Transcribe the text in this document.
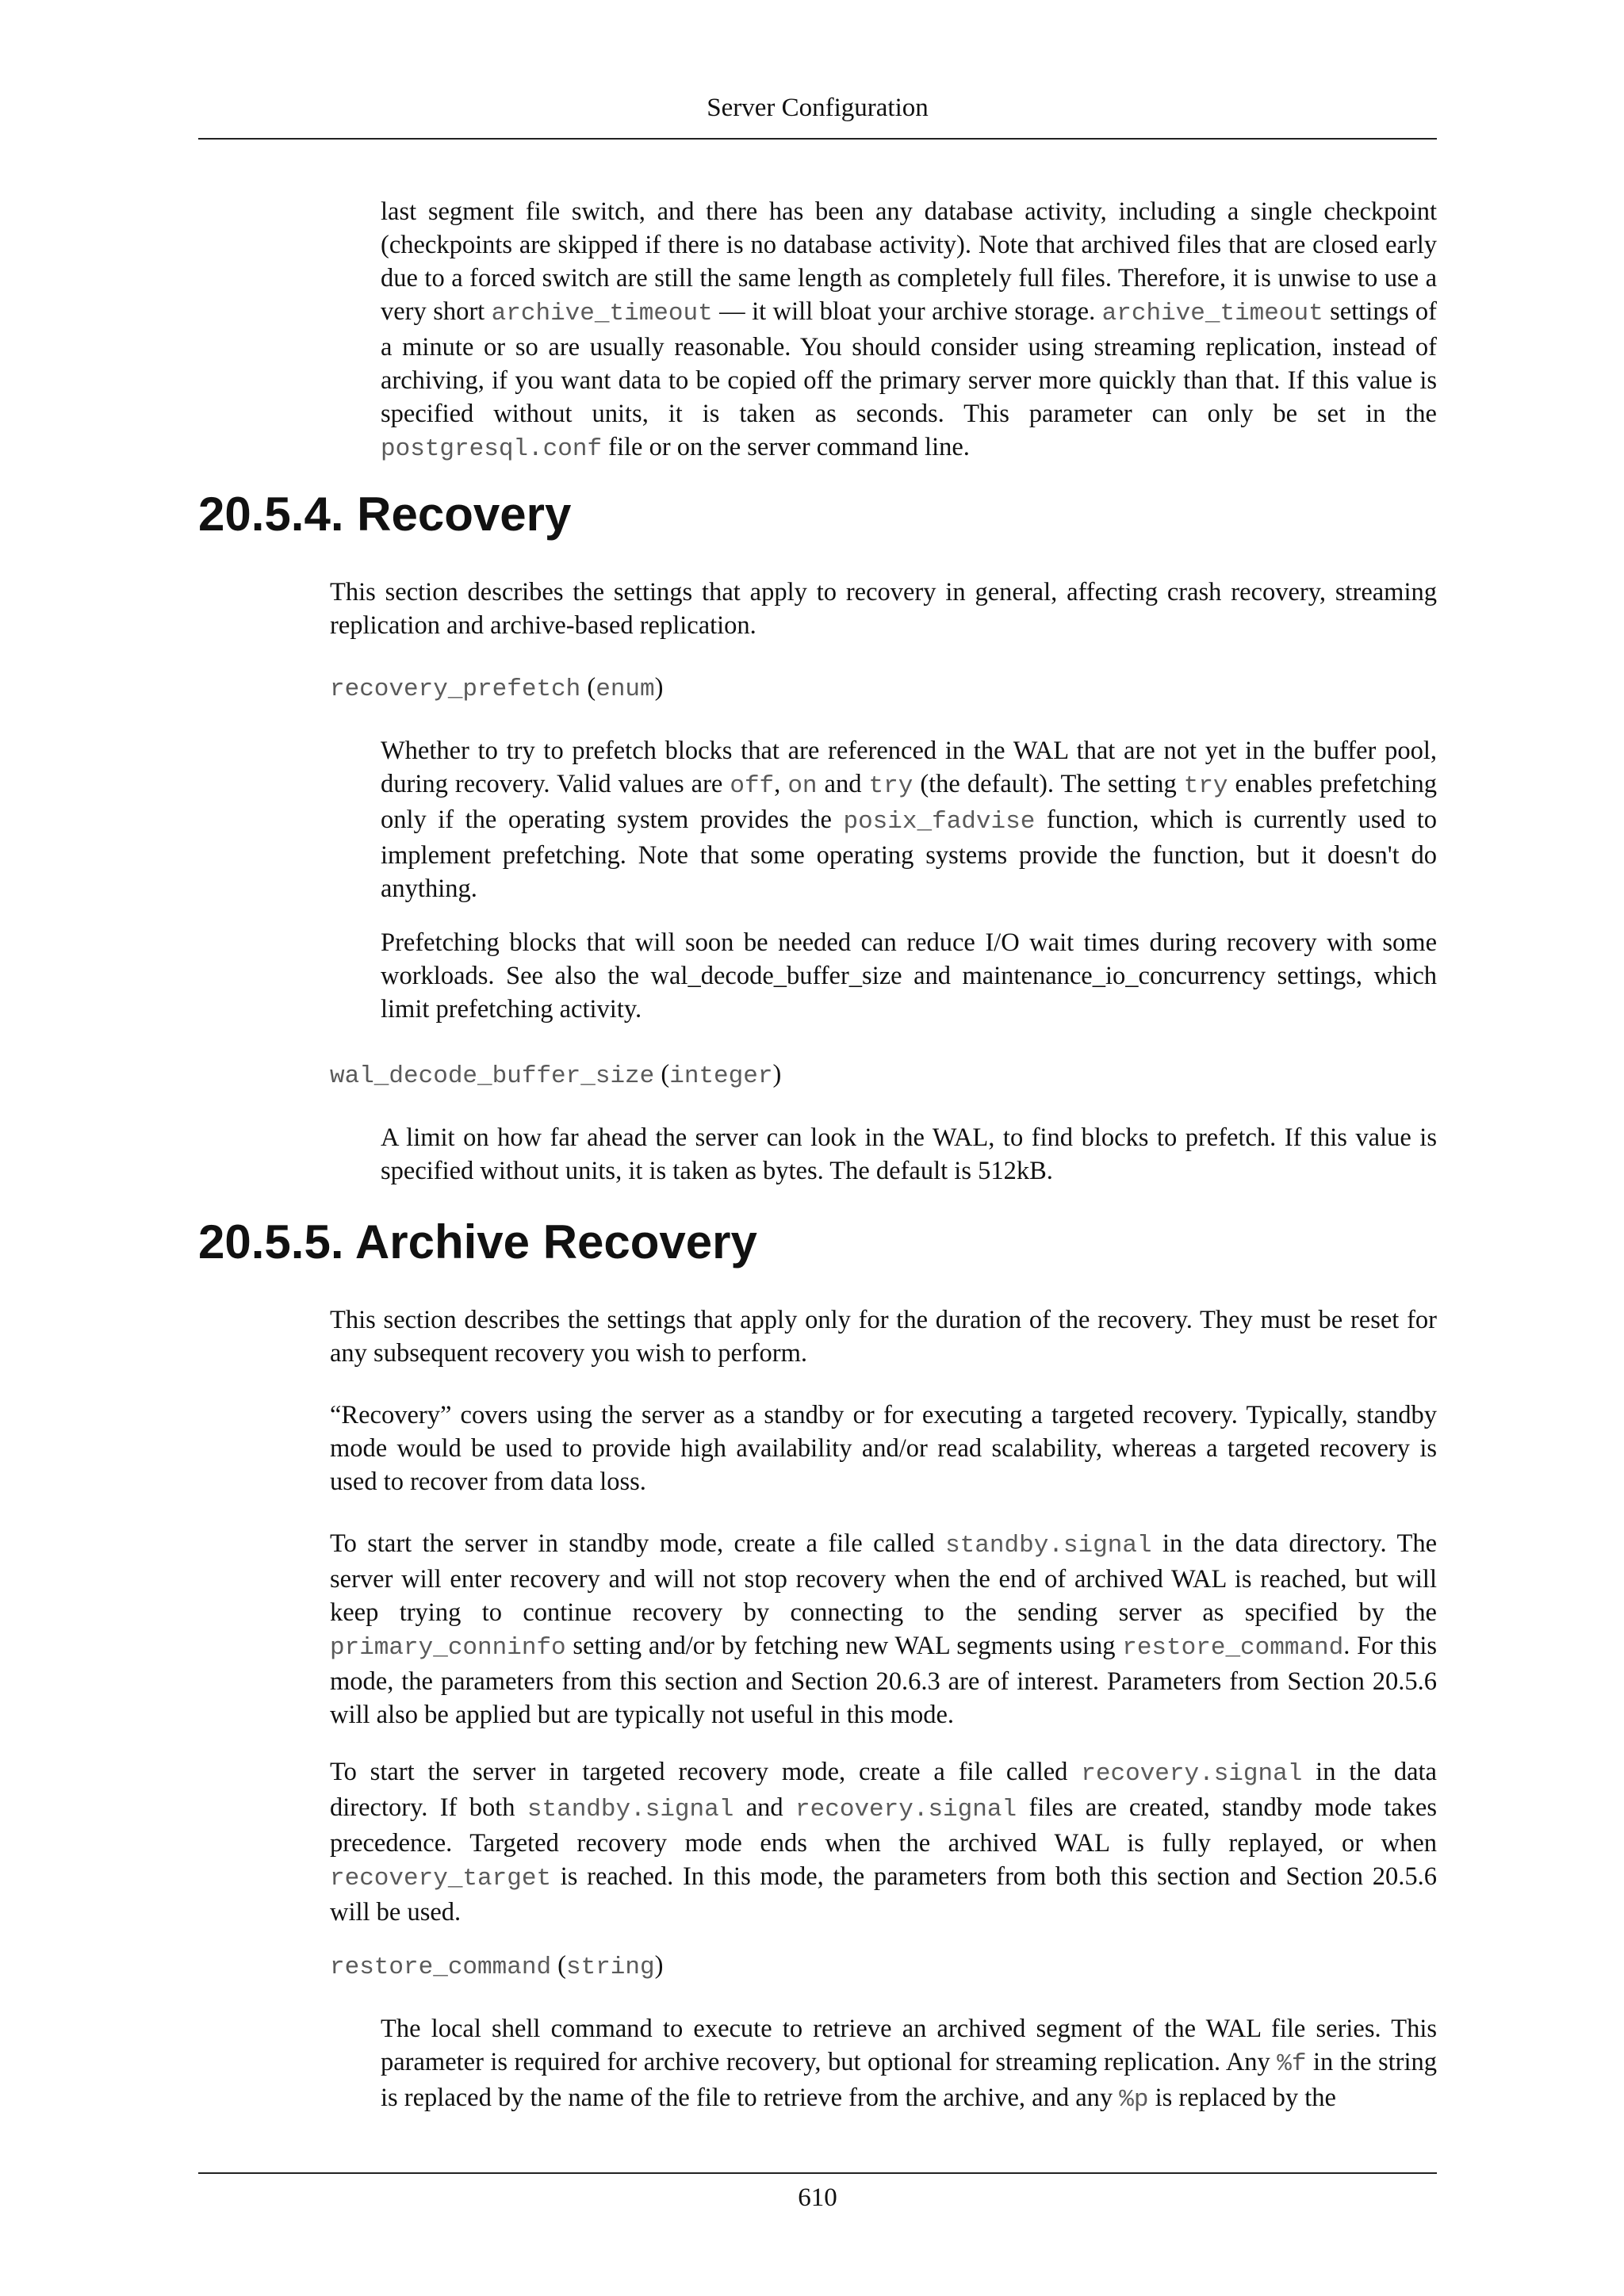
Server Configuration
last segment file switch, and there has been any database activity, including a single checkpoint (checkpoints are skipped if there is no database activity). Note that archived files that are closed early due to a forced switch are still the same length as completely full files. Therefore, it is unwise to use a very short archive_timeout — it will bloat your archive storage. archive_timeout settings of a minute or so are usually reasonable. You should consider using streaming replication, instead of archiving, if you want data to be copied off the primary server more quickly than that. If this value is specified without units, it is taken as seconds. This parameter can only be set in the postgresql.conf file or on the server command line.
20.5.4. Recovery
This section describes the settings that apply to recovery in general, affecting crash recovery, streaming replication and archive-based replication.
recovery_prefetch (enum)
Whether to try to prefetch blocks that are referenced in the WAL that are not yet in the buffer pool, during recovery. Valid values are off, on and try (the default). The setting try enables prefetching only if the operating system provides the posix_fadvise function, which is currently used to implement prefetching. Note that some operating systems provide the function, but it doesn't do anything.
Prefetching blocks that will soon be needed can reduce I/O wait times during recovery with some workloads. See also the wal_decode_buffer_size and maintenance_io_concurrency settings, which limit prefetching activity.
wal_decode_buffer_size (integer)
A limit on how far ahead the server can look in the WAL, to find blocks to prefetch. If this value is specified without units, it is taken as bytes. The default is 512kB.
20.5.5. Archive Recovery
This section describes the settings that apply only for the duration of the recovery. They must be reset for any subsequent recovery you wish to perform.
“Recovery” covers using the server as a standby or for executing a targeted recovery. Typically, standby mode would be used to provide high availability and/or read scalability, whereas a targeted recovery is used to recover from data loss.
To start the server in standby mode, create a file called standby.signal in the data directory. The server will enter recovery and will not stop recovery when the end of archived WAL is reached, but will keep trying to continue recovery by connecting to the sending server as specified by the primary_conninfo setting and/or by fetching new WAL segments using restore_command. For this mode, the parameters from this section and Section 20.6.3 are of interest. Parameters from Section 20.5.6 will also be applied but are typically not useful in this mode.
To start the server in targeted recovery mode, create a file called recovery.signal in the data directory. If both standby.signal and recovery.signal files are created, standby mode takes precedence. Targeted recovery mode ends when the archived WAL is fully replayed, or when recovery_target is reached. In this mode, the parameters from both this section and Section 20.5.6 will be used.
restore_command (string)
The local shell command to execute to retrieve an archived segment of the WAL file series. This parameter is required for archive recovery, but optional for streaming replication. Any %f in the string is replaced by the name of the file to retrieve from the archive, and any %p is replaced by the
610
